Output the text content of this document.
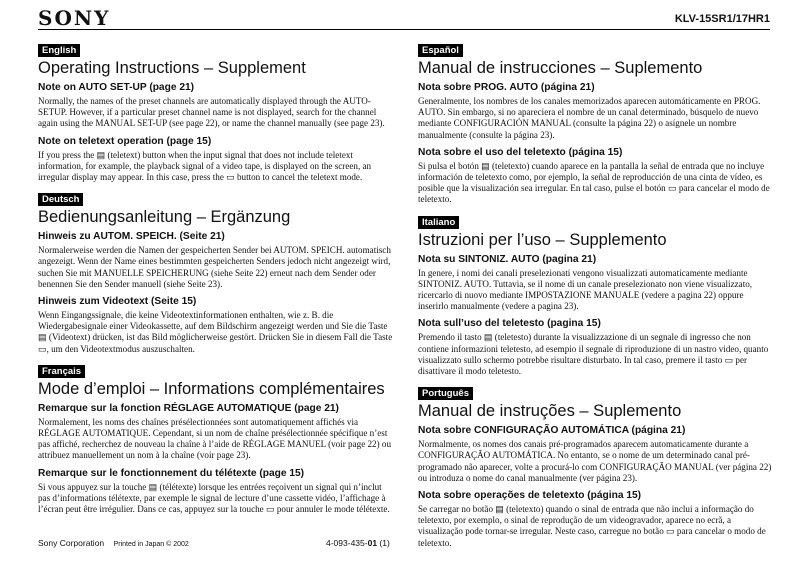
SONY	KLV-15SR1/17HR1
English
Operating Instructions – Supplement
Note on AUTO SET-UP (page 21)

Normally, the names of the preset channels are automatically displayed through the AUTO-SETUP. However, if a particular preset channel name is not displayed, search for the channel again using the MANUAL SET-UP (see page 22), or name the channel manually (see page 23).

Note on teletext operation (page 15)

If you press the ▤ (teletext) button when the input signal that does not include teletext information, for example, the playback signal of a video tape, is displayed on the screen, an irregular display may appear. In this case, press the ▭ button to cancel the teletext mode.

Deutsch
Bedienungsanleitung – Ergänzung
Hinweis zu AUTOM. SPEICH. (Seite 21)

Normalerweise werden die Namen der gespeicherten Sender bei AUTOM. SPEICH. automatisch angezeigt. Wenn der Name eines bestimmten gespeicherten Senders jedoch nicht angezeigt wird, suchen Sie mit MANUELLE SPEICHERUNG (siehe Seite 22) erneut nach dem Sender oder benennen Sie den Sender manuell (siehe Seite 23).

Hinweis zum Videotext (Seite 15)

Wenn Eingangssignale, die keine Videotextinformationen enthalten, wie z. B. die Wiedergabesignale einer Videokassette, auf dem Bildschirm angezeigt werden und Sie die Taste ▤ (Videotext) drücken, ist das Bild möglicherweise gestört. Drücken Sie in diesem Fall die Taste ▭, um den Videotextmodus auszuschalten.

Français
Mode d’emploi – Informations complémentaires
Remarque sur la fonction RÉGLAGE AUTOMATIQUE (page 21)

Normalement, les noms des chaînes présélectionnées sont automatiquement affichés via RÉGLAGE AUTOMATIQUE. Cependant, si un nom de chaîne présélectionnée spécifique n’est pas affiché, recherchez de nouveau la chaîne à l’aide de RÉGLAGE MANUEL (voir page 22) ou attribuez manuellement un nom à la chaîne (voir page 23).

Remarque sur le fonctionnement du télétexte (page 15)

Si vous appuyez sur la touche ▤ (télétexte) lorsque les entrées reçoivent un signal qui n’inclut pas d’informations télétexte, par exemple le signal de lecture d’une cassette vidéo, l’affichage à l’écran peut être irrégulier. Dans ce cas, appuyez sur la touche ▭ pour annuler le mode télétexte.

Español
Manual de instrucciones – Suplemento
Nota sobre PROG. AUTO (página 21)

Generalmente, los nombres de los canales memorizados aparecen automáticamente en PROG. AUTO. Sin embargo, si no apareciera el nombre de un canal determinado, búsquelo de nuevo mediante CONFIGURACIÓN MANUAL (consulte la página 22) o asígnele un nombre manualmente (consulte la página 23).

Nota sobre el uso del teletexto (página 15)

Si pulsa el botón ▤ (teletexto) cuando aparece en la pantalla la señal de entrada que no incluye información de teletexto como, por ejemplo, la señal de reproducción de una cinta de vídeo, es posible que la visualización sea irregular. En tal caso, pulse el botón ▭ para cancelar el modo de teletexto.

Italiano
Istruzioni per l’uso – Supplemento
Nota su SINTONIZ. AUTO (pagina 21)

In genere, i nomi dei canali preselezionati vengono visualizzati automaticamente mediante SINTONIZ. AUTO. Tuttavia, se il nome di un canale preselezionato non viene visualizzato, ricercarlo di nuovo mediante IMPOSTAZIONE MANUALE (vedere a pagina 22) oppure inserirlo manualmente (vedere a pagina 23).

Nota sull’uso del teletesto (pagina 15)

Premendo il tasto ▤ (teletesto) durante la visualizzazione di un segnale di ingresso che non contiene informazioni teletesto, ad esempio il segnale di riproduzione di un nastro video, quanto visualizzato sullo schermo potrebbe risultare disturbato. In tal caso, premere il tasto ▭ per disattivare il modo teletesto.

Português
Manual de instruções – Suplemento
Nota sobre CONFIGURAÇÃO AUTOMÁTICA (página 21)

Normalmente, os nomes dos canais pré-programados aparecem automaticamente durante a CONFIGURAÇÃO AUTOMÁTICA. No entanto, se o nome de um determinado canal pré-programado não aparecer, volte a procurá-lo com CONFIGURAÇÃO MANUAL (ver página 22) ou introduza o nome do canal manualmente (ver página 23).

Nota sobre operações de teletexto (página 15)

Se carregar no botão ▤ (teletexto) quando o sinal de entrada que não inclui a informação do teletexto, por exemplo, o sinal de reprodução de um videogravador, aparece no ecrã, a visualização pode tornar-se irregular. Neste caso, carregue no botão ▭ para cancelar o modo de teletexto.

Sony Corporation Printed in Japan © 2002	4-093-435-01 (1)
